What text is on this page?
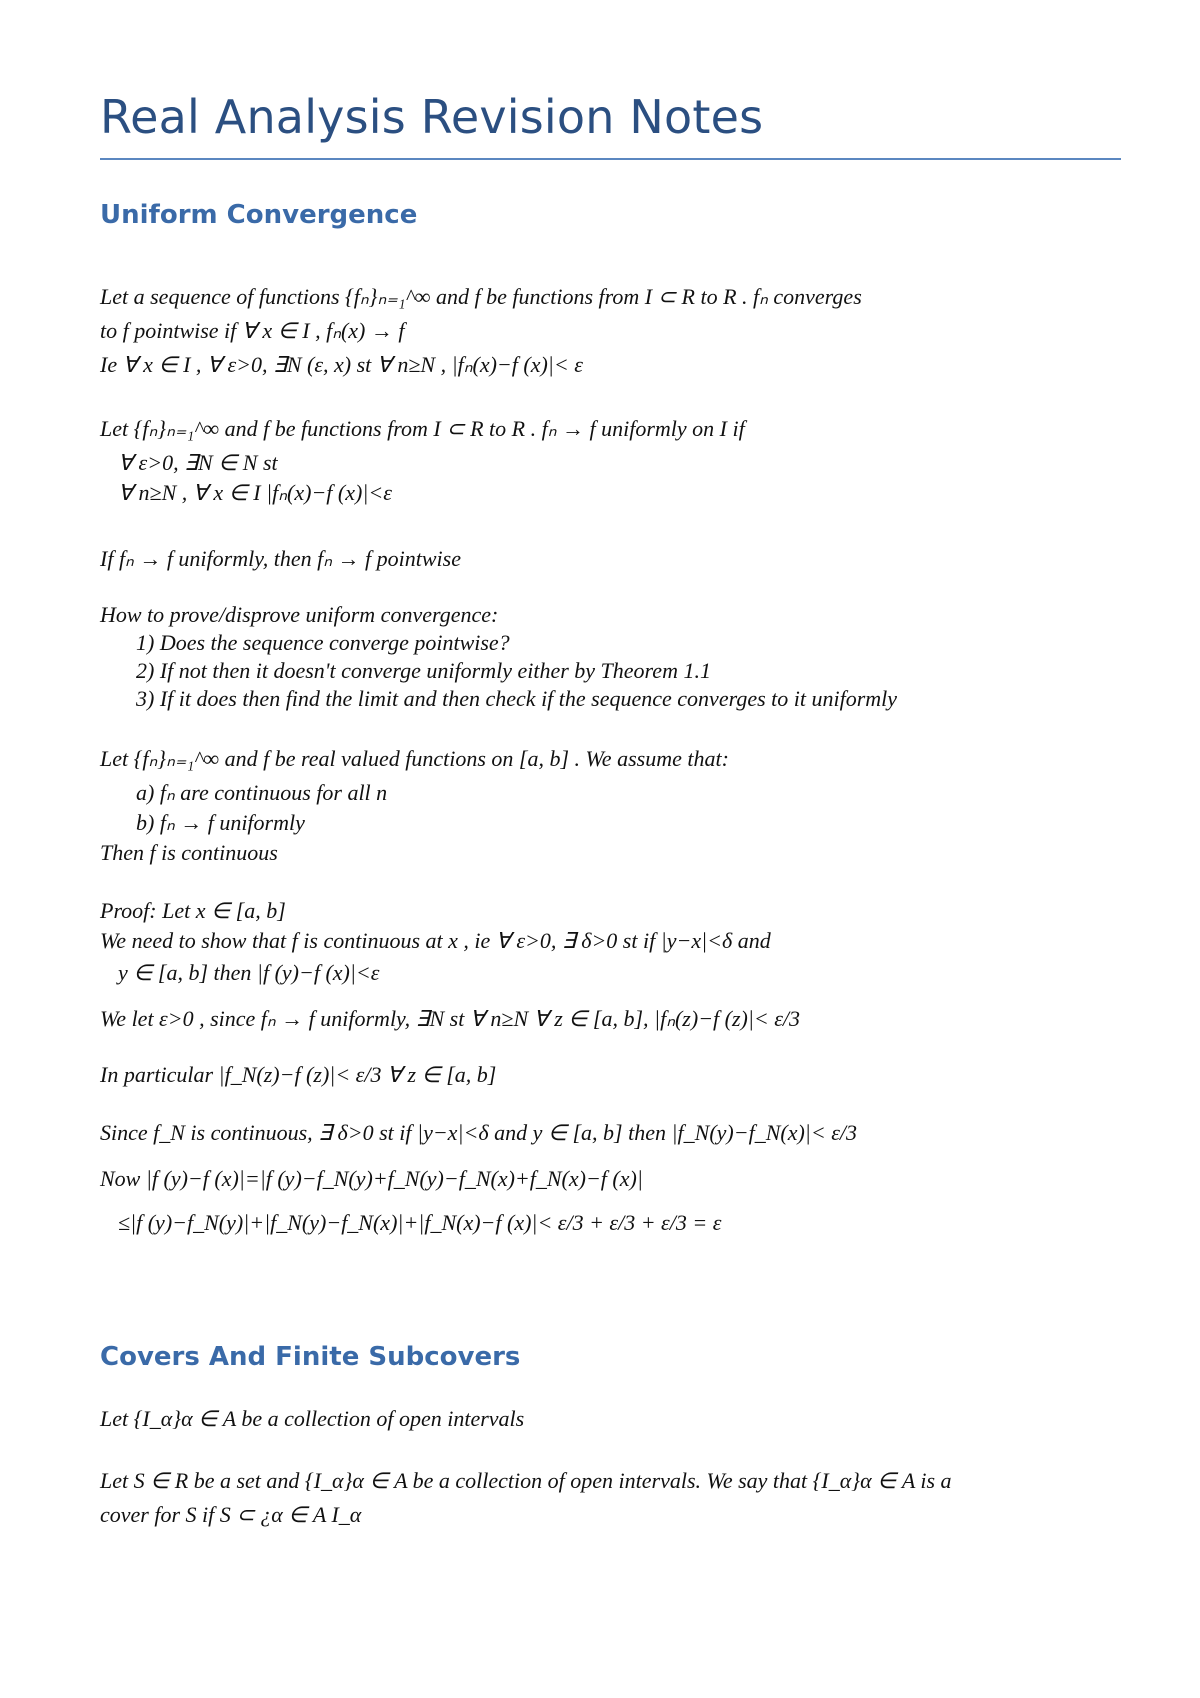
Real Analysis Revision Notes
Uniform Convergence
Let a sequence of functions {fₙ}ₙ₌₁^∞ and f be functions from I ⊂ R to R . fₙ converges
to f pointwise if ∀ x ∈ I , fₙ(x) → f
Ie ∀ x ∈ I , ∀ ε>0, ∃N (ε, x) st ∀ n≥N , |fₙ(x)−f (x)|< ε
Let {fₙ}ₙ₌₁^∞ and f be functions from I ⊂ R to R . fₙ → f uniformly on I if
∀ ε>0, ∃N ∈ N st
∀ n≥N , ∀ x ∈ I |fₙ(x)−f (x)|<ε
If fₙ → f uniformly, then fₙ → f pointwise
How to prove/disprove uniform convergence:
1) Does the sequence converge pointwise?
2) If not then it doesn't converge uniformly either by Theorem 1.1
3) If it does then find the limit and then check if the sequence converges to it uniformly
Let {fₙ}ₙ₌₁^∞ and f be real valued functions on [a, b] . We assume that:
a) fₙ are continuous for all n
b) fₙ → f uniformly
Then f is continuous
Proof: Let x ∈ [a, b]
We need to show that f is continuous at x , ie ∀ ε>0, ∃ δ>0 st if |y−x|<δ and
y ∈ [a, b] then |f (y)−f (x)|<ε
We let ε>0 , since fₙ → f uniformly, ∃N st ∀ n≥N ∀ z ∈ [a, b], |fₙ(z)−f (z)|< ε/3
In particular |f_N(z)−f (z)|< ε/3 ∀ z ∈ [a, b]
Since f_N is continuous, ∃ δ>0 st if |y−x|<δ and y ∈ [a, b] then |f_N(y)−f_N(x)|< ε/3
Now |f (y)−f (x)|=|f (y)−f_N(y)+f_N(y)−f_N(x)+f_N(x)−f (x)|
≤|f (y)−f_N(y)|+|f_N(y)−f_N(x)|+|f_N(x)−f (x)|< ε/3 + ε/3 + ε/3 = ε
Covers And Finite Subcovers
Let {I_α}α ∈ A be a collection of open intervals
Let S ∈ R be a set and {I_α}α ∈ A be a collection of open intervals. We say that {I_α}α ∈ A is a
cover for S if S ⊂ ¿α ∈ A I_α
